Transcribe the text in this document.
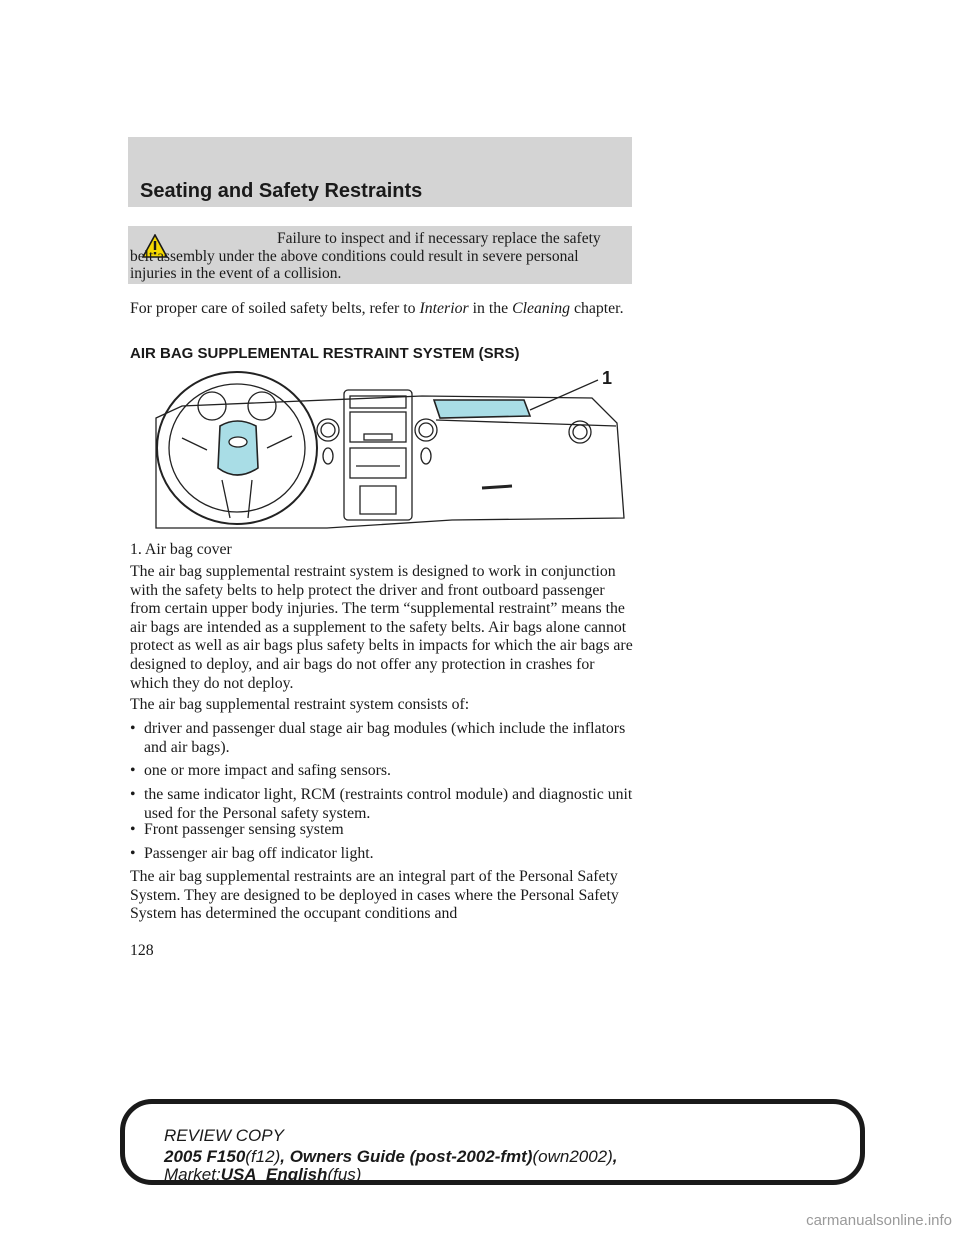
Seating and Safety Restraints
Failure to inspect and if necessary replace the safety belt assembly under the above conditions could result in severe personal injuries in the event of a collision.

For proper care of soiled safety belts, refer to Interior in the Cleaning chapter.

AIR BAG SUPPLEMENTAL RESTRAINT SYSTEM (SRS)
1

1. Air bag cover

The air bag supplemental restraint system is designed to work in conjunction with the safety belts to help protect the driver and front outboard passenger from certain upper body injuries. The term “supplemental restraint” means the air bags are intended as a supplement to the safety belts. Air bags alone cannot protect as well as air bags plus safety belts in impacts for which the air bags are designed to deploy, and air bags do not offer any protection in crashes for which they do not deploy.

The air bag supplemental restraint system consists of:

• driver and passenger dual stage air bag modules (which include the inflators and air bags).
• one or more impact and safing sensors.
• the same indicator light, RCM (restraints control module) and diagnostic unit used for the Personal safety system.
• Front passenger sensing system
• Passenger air bag off indicator light.

The air bag supplemental restraints are an integral part of the Personal Safety System. They are designed to be deployed in cases where the Personal Safety System has determined the occupant conditions and

128
REVIEW COPY
2005 F150(f12), Owners Guide (post-2002-fmt)(own2002),
Market:USA_English(fus)
carmanualsonline.info
